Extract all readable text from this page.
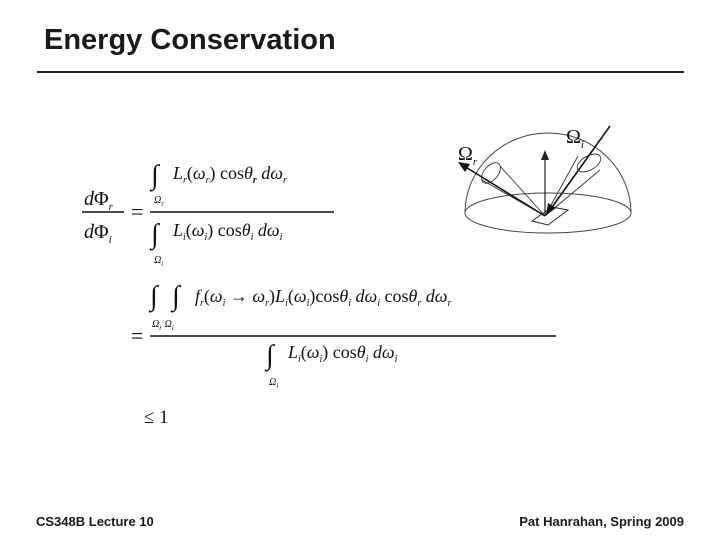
Energy Conservation
$d\Phi_r$
$d\Phi_i$
=
∫
$\Omega_r$
$L_r(\omega_r)$ cosθ$_r$ $d\omega_r$
∫
$\Omega_i$
$L_i(\omega_i)$ cosθ$_i$ $d\omega_i$
=
∫ ∫
$\Omega_r$ $\Omega_i$
$f_r(\omega_i \to \omega_r)L_i(\omega_i)\cos\theta_i$ $d\omega_i$ cosθ$_r$ $d\omega_r$
∫
$\Omega_i$
$L_i(\omega_i)$ cosθ$_i$ $d\omega_i$
≤ 1
$\Omega_r$
$\Omega_i$
CS348B Lecture 10	Pat Hanrahan, Spring 2009
